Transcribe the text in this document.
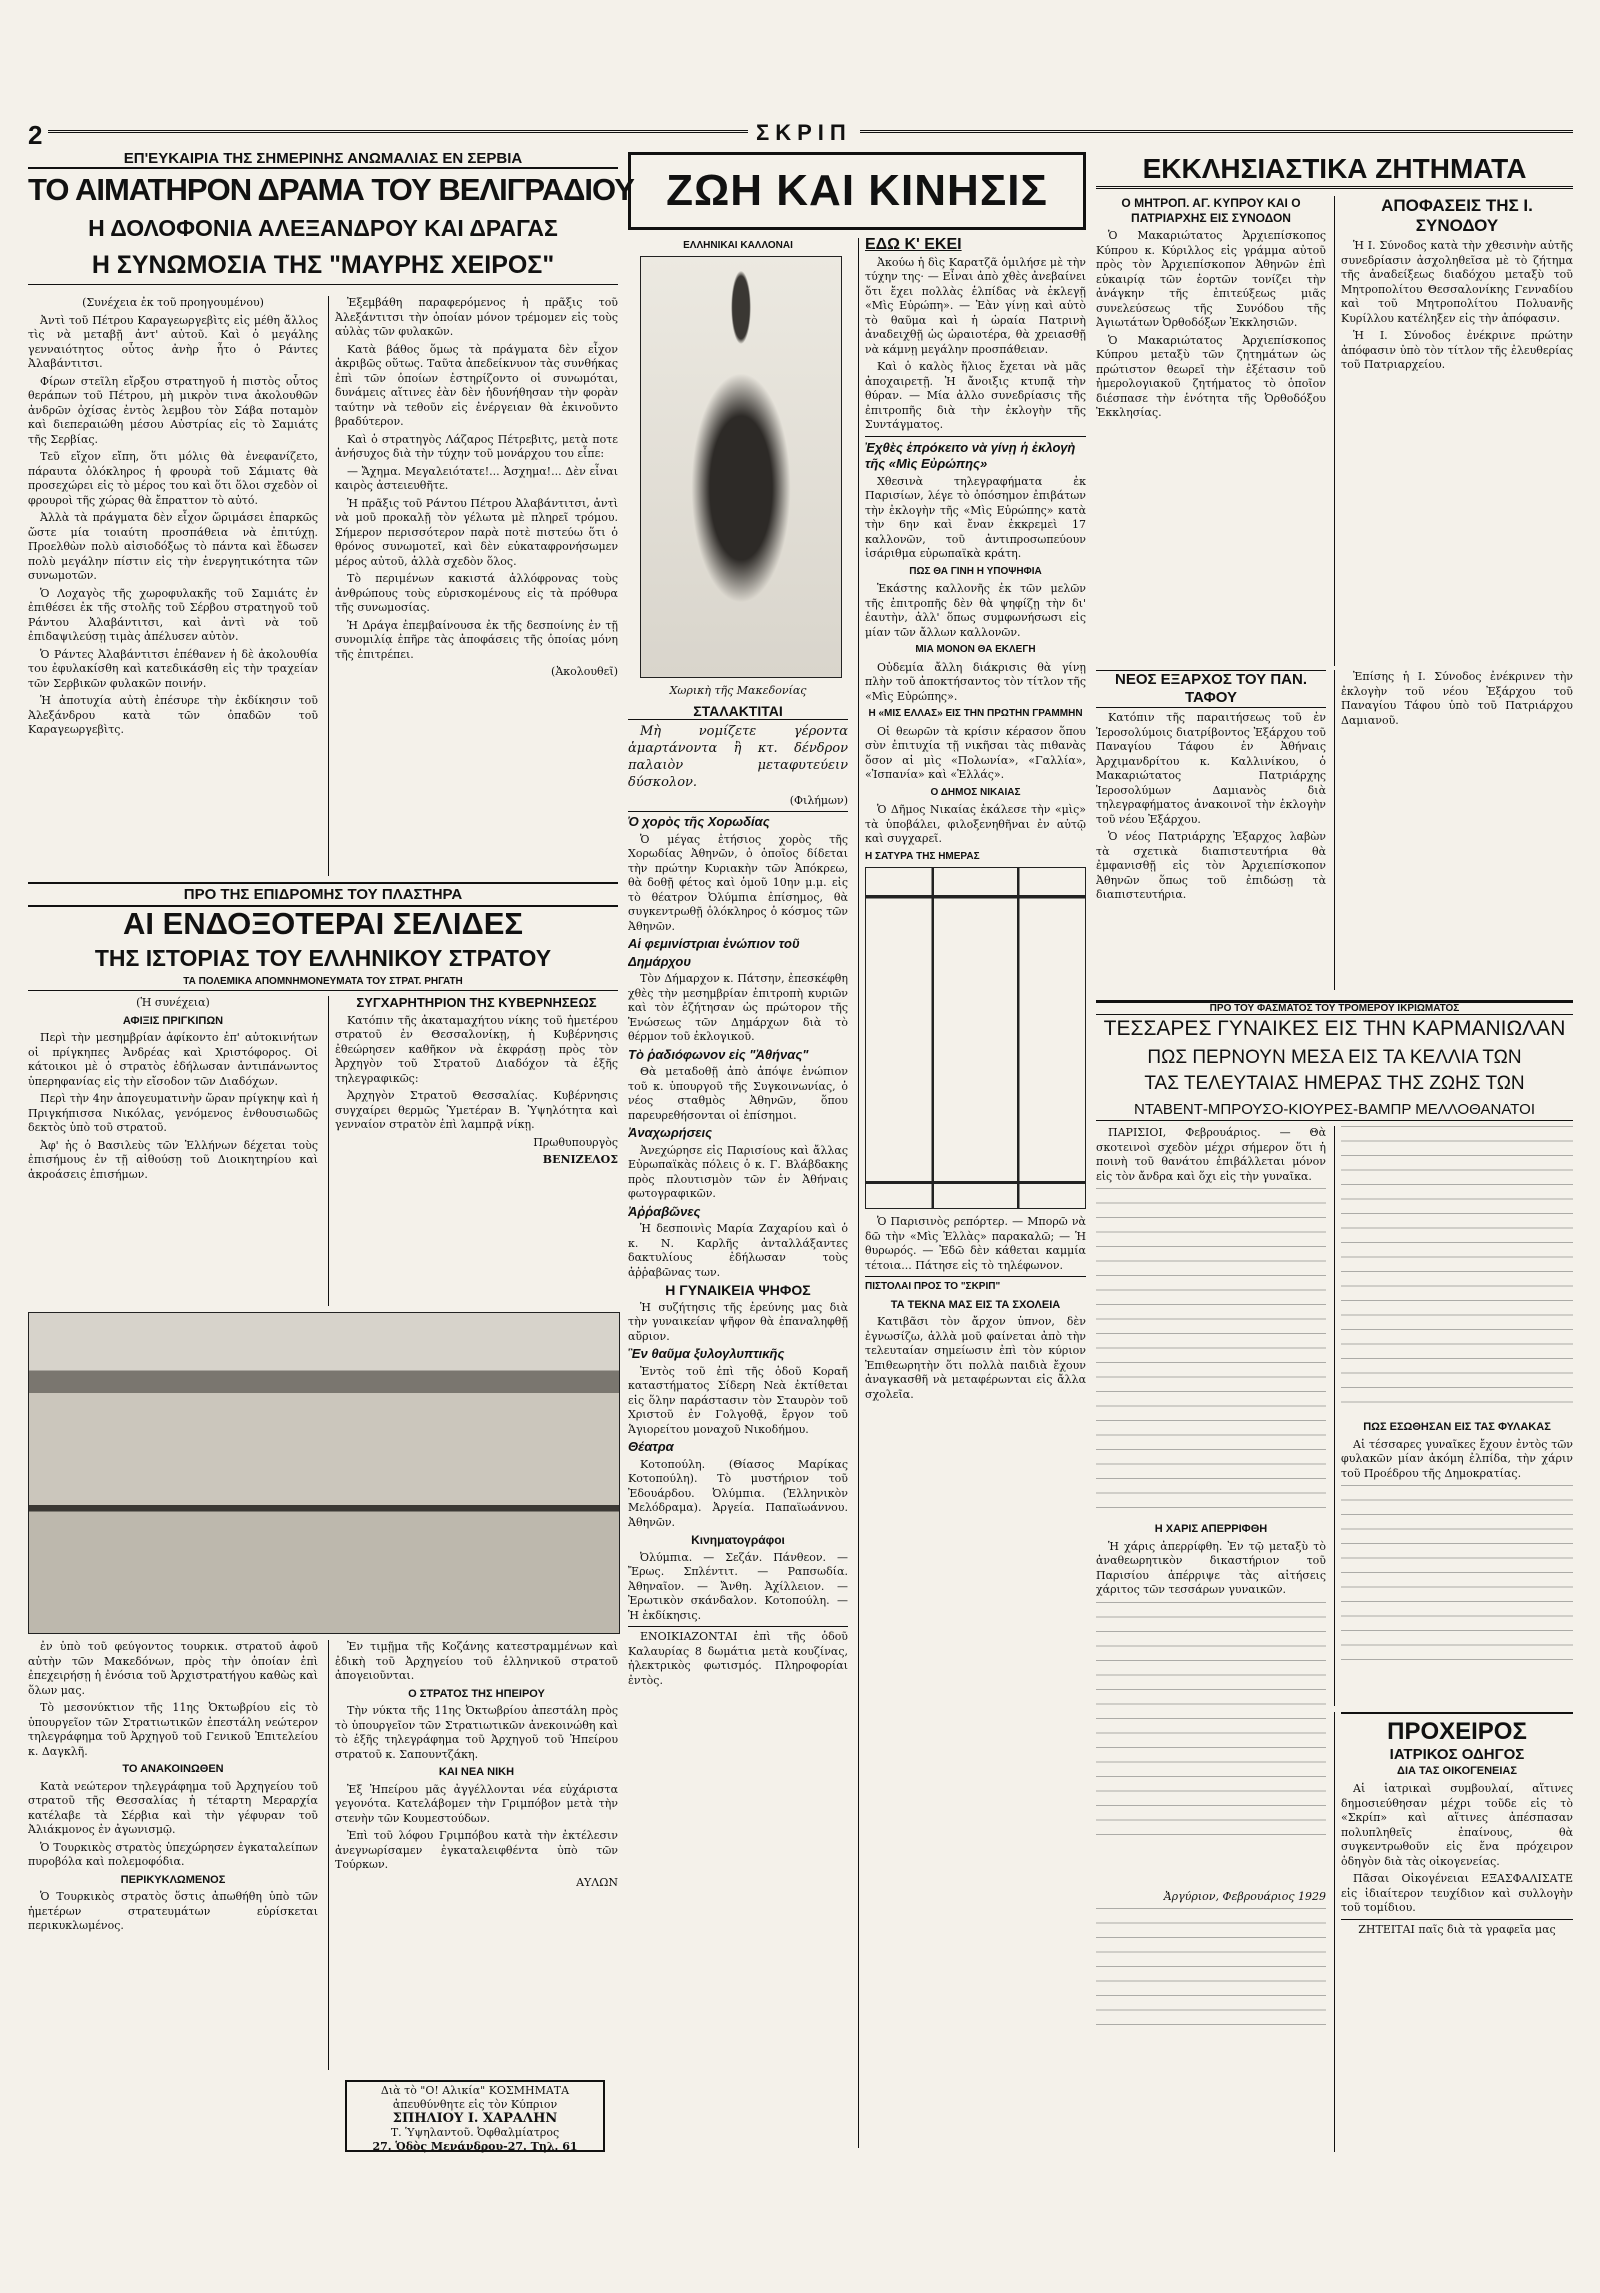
2	ΣΚΡΙΠ
ΕΠ'ΕΥΚΑΙΡΙΑ ΤΗΣ ΣΗΜΕΡΙΝΗΣ ΑΝΩΜΑΛΙΑΣ ΕΝ ΣΕΡΒΙΑ
ΤΟ ΑΙΜΑΤΗΡΟΝ ΔΡΑΜΑ ΤΟΥ ΒΕΛΙΓΡΑΔΙΟΥ
Η ΔΟΛΟΦΟΝΙΑ ΑΛΕΞΑΝΔΡΟΥ ΚΑΙ ΔΡΑΓΑΣ
Η ΣΥΝΩΜΟΣΙΑ ΤΗΣ "ΜΑΥΡΗΣ ΧΕΙΡΟΣ"

(Συνέχεια ἐκ τοῦ προηγουμένου)

Ἀντὶ τοῦ Πέτρου Καραγεωργεβὶτς εἰς μέθη ἄλλος τὶς νὰ μεταβῇ ἀντ' αὐτοῦ. Καὶ ὁ μεγάλης γενναιότητος οὗτος ἀνὴρ ἦτο ὁ Ράντες Ἀλαβάντιτσι.

Φίρων στεῖλη εἴρξου στρατηγοῦ ἡ πιστὸς οὗτος θεράπων τοῦ Πέτρου, μὴ μικρὸν τινα ἀκολουθῶν ἀνδρῶν ὀχίσας ἐντὸς λεμβου τὸν Σάβα ποταμὸν καὶ διεπεραιώθη μέσου Αὐστρίας εἰς τὸ Σαμιάτς τῆς Σερβίας.

Τεῦ εἴχον εἴπη, ὅτι μόλις θὰ ἐνεφανίζετο, πάραυτα ὁλόκληρος ἡ φρουρὰ τοῦ Σάμιατς θὰ προσεχώρει εἰς τὸ μέρος του καὶ ὅτι ὅλοι σχεδὸν οἱ φρουροὶ τῆς χώρας θὰ ἔπραττον τὸ αὐτό.

Ἀλλὰ τὰ πράγματα δὲν εἶχον ὥριμάσει ἐπαρκῶς ὥστε μία τοιαύτη προσπάθεια νὰ ἐπιτύχῃ. Προελθὼν πολὺ αἰσιοδόξως τὸ πάντα καὶ ἔδωσεν πολὺ μεγάλην πίστιν εἰς τὴν ἐνεργητικότητα τῶν συνωμοτῶν.

Ὁ Λοχαγὸς τῆς χωροφυλακῆς τοῦ Σαμιάτς ἐν ἐπιθέσει ἐκ τῆς στολῆς τοῦ Σέρβου στρατηγοῦ τοῦ Ράντου Ἀλαβάντιτσι, καὶ ἀντὶ νὰ τοῦ ἐπιδαψιλεύσῃ τιμὰς ἀπέλυσεν αὐτὸν.

Ὁ Ράντες Ἀλαβάντιτσι ἐπέθανεν ἡ δὲ ἀκολουθία του ἐφυλακίσθη καὶ κατεδικάσθη εἰς τὴν τραχείαν τῶν Σερβικῶν φυλακῶν ποινήν.

Ἡ ἀποτυχία αὐτὴ ἐπέσυρε τὴν ἐκδίκησιν τοῦ Ἀλεξάνδρου κατὰ τῶν ὀπαδῶν τοῦ Καραγεωργεβὶτς.

Ἐξεμβάθη παραφερόμενος ἡ πρᾶξις τοῦ Ἀλεξάντιτσι τὴν ὁποίαν μόνον τρέμομεν εἰς τοὺς αὐλὰς τῶν φυλακῶν.

Κατὰ βάθος ὅμως τὰ πράγματα δὲν εἶχον ἀκριβῶς οὕτως. Ταῦτα ἀπεδείκνυον τὰς συνθήκας ἐπὶ τῶν ὁποίων ἐστηρίζοντο οἱ συνωμόται, δυνάμεις αἵτινες ἐὰν δὲν ἠδυνήθησαν τὴν φορὰν ταύτην νὰ τεθοῦν εἰς ἐνέργειαν θὰ ἐκινοῦντο βραδύτερον.

Καὶ ὁ στρατηγὸς Λάζαρος Πέτρεβιτς, μετὰ ποτε ἀνήσυχος διὰ τὴν τύχην τοῦ μονάρχου του εἶπε:

— Ἄχημα. Μεγαλειότατε!... Ἀσχημα!... Δὲν εἶναι καιρὸς ἀστειευθῆτε.

Ἡ πρᾶξις τοῦ Ράντου Πέτρου Ἀλαβάντιτσι, ἀντὶ νὰ μοῦ προκαλῇ τὸν γέλωτα μὲ πληρεῖ τρόμου. Σήμερον περισσότερον παρὰ ποτὲ πιστεύω ὅτι ὁ θρόνος συνωμοτεῖ, καὶ δὲν εὐκαταφρονήσωμεν μέρος αὐτοῦ, ἀλλὰ σχεδὸν ὅλος.

Τὸ περιμένων κακιστά ἀλλόφρονας τοὺς ἀνθρώπους τοὺς εὑρισκομένους εἰς τὰ πρόθυρα τῆς συνωμοσίας.

Ἡ Δράγα ἐπεμβαίνουσα ἐκ τῆς δεσποίνης ἐν τῇ συνομιλίᾳ ἐπῆρε τὰς ἀποφάσεις τῆς ὁποίας μόνη τῆς ἐπιτρέπει.

(Ἀκολουθεῖ)

ΠΡΟ ΤΗΣ ΕΠΙΔΡΟΜΗΣ ΤΟΥ ΠΛΑΣΤΗΡΑ
ΑΙ ΕΝΔΟΞΟΤΕΡΑΙ ΣΕΛΙΔΕΣ
ΤΗΣ ΙΣΤΟΡΙΑΣ ΤΟΥ ΕΛΛΗΝΙΚΟΥ ΣΤΡΑΤΟΥ
ΤΑ ΠΟΛΕΜΙΚΑ ΑΠΟΜΝΗΜΟΝΕΥΜΑΤΑ ΤΟΥ ΣΤΡΑΤ. ΡΗΓΑΤΗ

(Ἡ συνέχεια)

ΑΦΙΞΙΣ ΠΡΙΓΚΙΠΩΝ

Περὶ τὴν μεσημβρίαν ἀφίκοντο ἐπ' αὐτοκινήτων οἱ πρίγκηπες Ἀνδρέας καὶ Χριστόφορος. Οἱ κάτοικοι μὲ ὁ στρατὸς ἐδήλωσαν ἀντιπάνωντος ὑπερηφανίας εἰς τὴν εἴσοδον τῶν Διαδόχων.

Περὶ τὴν 4ην ἀπογευματινὴν ὥραν πρίγκηψ καὶ ἡ Πριγκήπισσα Νικόλας, γενόμενος ἐνθουσιωδῶς δεκτὸς ὑπὸ τοῦ στρατοῦ.

Ἀφ' ἡς ὁ Βασιλεὺς τῶν Ἑλλήνων δέχεται τοὺς ἐπισήμους ἐν τῇ αἰθούσῃ τοῦ Διοικητηρίου καὶ ἀκροάσεις ἐπισήμων.

ΣΥΓΧΑΡΗΤΗΡΙΟΝ ΤΗΣ ΚΥΒΕΡΝΗΣΕΩΣ

Κατόπιν τῆς ἀκαταμαχήτου νίκης τοῦ ἡμετέρου στρατοῦ ἐν Θεσσαλονίκῃ, ἡ Κυβέρνησις ἐθεώρησεν καθῆκον νὰ ἐκφράσῃ πρὸς τὸν Ἀρχηγὸν τοῦ Στρατοῦ Διαδόχον τὰ ἑξῆς τηλεγραφικῶς:

Ἀρχηγὸν Στρατοῦ Θεσσαλίας. Κυβέρνησις συγχαίρει θερμῶς Ὑμετέραν Β. Ὑψηλότητα καὶ γενναίον στρατὸν ἐπὶ λαμπρᾷ νίκῃ.

Πρωθυπουργὸς

ΒΕΝΙΖΕΛΟΣ

ἐν ὑπὸ τοῦ φεύγοντος τουρκικ. στρατοῦ ἀφοῦ αὐτὴν τῶν Μακεδόνων, πρὸς τὴν ὁποίαν ἐπὶ ἐπεχειρήσῃ ἡ ἐνόσια τοῦ Ἀρχιστρατήγου καθὼς καὶ ὅλων μας.

Τὸ μεσονύκτιον τῆς 11ης Ὀκτωβρίου εἰς τὸ ὑπουργεῖον τῶν Στρατιωτικῶν ἐπεστάλη νεώτερον τηλεγράφημα τοῦ Ἀρχηγοῦ τοῦ Γενικοῦ Ἐπιτελείου κ. Δαγκλῆ.

ΤΟ ΑΝΑΚΟΙΝΩΘΕΝ

Κατὰ νεώτερον τηλεγράφημα τοῦ Ἀρχηγείου τοῦ στρατοῦ τῆς Θεσσαλίας ἡ τέταρτη Μεραρχία κατέλαβε τὰ Σέρβια καὶ τὴν γέφυραν τοῦ Ἀλιάκμονος ἐν ἀγωνισμῷ.

Ὁ Τουρκικὸς στρατὸς ὑπεχώρησεν ἐγκαταλείπων πυροβόλα καὶ πολεμοφόδια.

ΠΕΡΙΚΥΚΛΩΜΕΝΟΣ

Ὁ Τουρκικὸς στρατὸς ὅστις ἀπωθήθη ὑπὸ τῶν ἡμετέρων στρατευμάτων εὑρίσκεται περικυκλωμένος.

Ἐν τιμῇμα τῆς Κοζάνης κατεστραμμένων καὶ ἐδικὴ τοῦ Ἀρχηγείου τοῦ ἑλληνικοῦ στρατοῦ ἀπογειοῦνται.

Ο ΣΤΡΑΤΟΣ ΤΗΣ ΗΠΕΙΡΟΥ

Τὴν νύκτα τῆς 11ης Ὀκτωβρίου ἀπεστάλη πρὸς τὸ ὑπουργεῖον τῶν Στρατιωτικῶν ἀνεκοινώθη καὶ τὸ ἑξῆς τηλεγράφημα τοῦ Ἀρχηγοῦ τοῦ Ἠπείρου στρατοῦ κ. Σαπουντζάκη.

ΚΑΙ ΝΕΑ ΝΙΚΗ

Ἐξ Ἠπείρου μᾶς ἀγγέλλονται νέα εὐχάριστα γεγονότα. Κατελάβομεν τὴν Γριμπόβον μετὰ τὴν στενὴν τῶν Κουμεστούδων.

Ἐπὶ τοῦ λόφου Γριμπόβου κατὰ τὴν ἐκτέλεσιν ἀνεγνωρίσαμεν ἐγκαταλειφθέντα ὑπὸ τῶν Τούρκων.

ΑΥΛΩΝ

Διὰ τὸ "Ο! Αλικία" ΚΟΣΜΗΜΑΤΑ
ἀπευθύνθητε εἰς τὸν Κύπριον
ΣΠΗΛΙΟΥ Ι. ΧΑΡΑΛΗΝ
Τ. Ὑψηλαντοῦ. Ὀφθαλμίατρος
27. Ὁδὸς Μενάνδρου-27. Τηλ. 61
ΖΩΗ ΚΑΙ ΚΙΝΗΣΙΣ
ΕΛΛΗΝΙΚΑΙ ΚΑΛΛΟΝΑΙ
Χωρικὴ τῆς Μακεδονίας

ΣΤΑΛΑΚΤΙΤΑΙ

Μὴ νομίζετε γέροντα ἁμαρτάνοντα ἢ κτ. δένδρον παλαιὸν μεταφυτεύειν δύσκολον.

(Φιλήμων)

Ὁ χορὸς τῆς Χορωδίας

Ὁ μέγας ἐτήσιος χορὸς τῆς Χορωδίας Ἀθηνῶν, ὁ ὁποῖος δίδεται τὴν πρώτην Κυριακὴν τῶν Ἀπόκρεω, θὰ δοθῇ φέτος καὶ ὁμοῦ 10ην μ.μ. εἰς τὸ θέατρον Ὀλύμπια ἐπίσημος, θὰ συγκεντρωθῇ ὁλόκληρος ὁ κόσμος τῶν Ἀθηνῶν.

Αἱ φεμινίστριαι ἐνώπιον τοῦ

Δημάρχου

Τὸν Δήμαρχον κ. Πάτσην, ἐπεσκέφθη χθὲς τὴν μεσημβρίαν ἐπιτροπὴ κυριῶν καὶ τὸν ἐζήτησαν ὡς πρώτορον τῆς Ἑνώσεως τῶν Δημάρχων διὰ τὸ θέρμον τοῦ ἐκλογικοῦ.

Τὸ ῥαδιόφωνον εἰς "Ἀθήνας"

Θὰ μεταδοθῇ ἀπὸ ἀπόψε ἐνώπιον τοῦ κ. ὑπουργοῦ τῆς Συγκοινωνίας, ὁ νέος σταθμὸς Ἀθηνῶν, ὅπου παρευρεθήσονται οἱ ἐπίσημοι.

Ἀναχωρήσεις

Ἀνεχώρησε εἰς Παρισίους καὶ ἄλλας Εὐρωπαϊκὰς πόλεις ὁ κ. Γ. Βλάβδακης πρὸς πλουτισμὸν τῶν ἐν Ἀθήναις φωτογραφικῶν.

Ἀῤῥαβῶνες

Ἡ δεσποινὶς Μαρία Ζαχαρίου καὶ ὁ κ. Ν. Καρλῆς ἀνταλλάξαντες δακτυλίους ἐδήλωσαν τοὺς ἀῤῥαβῶνας των.

Η ΓΥΝΑΙΚΕΙΑ ΨΗΦΟΣ

Ἡ συζήτησις τῆς ἐρεύνης μας διὰ τὴν γυναικείαν ψῆφον θὰ ἐπαναληφθῇ αὔριον.

Ἓν θαῦμα ξυλογλυπτικῆς

Ἐντὸς τοῦ ἐπὶ τῆς ὁδοῦ Κοραῆ καταστήματος Σίδερη Νεὰ ἐκτίθεται εἰς ὅλην παράστασιν τὸν Σταυρὸν τοῦ Χριστοῦ ἐν Γολγοθᾷ, ἔργον τοῦ Ἁγιορείτου μοναχοῦ Νικοδήμου.

Θέατρα

Κοτοπούλη. (Θίασος Μαρίκας Κοτοπούλη). Τὸ μυστήριον τοῦ Ἐδουάρδου. Ὀλύμπια. (Ἑλληνικὸν Μελόδραμα). Ἀργεία. Παπαϊωάννου. Ἀθηνῶν.

Κινηματογράφοι

Ὀλύμπια. — Σεζάν. Πάνθεον. — Ἔρως. Σπλέντιτ. — Ραπσωδία. Ἀθηναῖον. — Ἄνθη. Ἀχίλλειον. — Ἐρωτικὸν σκάνδαλον. Κοτοπούλη. — Ἡ ἐκδίκησις.

ΕΝΟΙΚΙΑΖΟΝΤΑΙ ἐπὶ τῆς ὁδοῦ Καλαυρίας 8 δωμάτια μετὰ κουζίνας, ἠλεκτρικὸς φωτισμός. Πληροφορίαι ἐντὸς.

ΕΔΩ Κ' ΕΚΕΙ

Ἀκούω ἡ δὶς Καρατζᾶ ὁμιλήσε μὲ τὴν τύχην της· — Εἶναι ἀπὸ χθὲς ἀνεβαίνει ὅτι ἔχει πολλὰς ἑλπίδας νὰ ἐκλεγῇ «Μὶς Εὐρώπη». — Ἐὰν γίνῃ καὶ αὐτὸ τὸ θαῦμα καὶ ἡ ὡραία Πατρινὴ ἀναδειχθῇ ὡς ὡραιοτέρα, θὰ χρειασθῇ νὰ κάμνῃ μεγάλην προσπάθειαν.

Καὶ ὁ καλὸς ἥλιος ἔχεται νὰ μᾶς ἀποχαιρετῇ. Ἡ ἄνοιξις κτυπᾷ τὴν θύραν. — Μία ἀλλο συνεδρίασις τῆς ἐπιτροπῆς διὰ τὴν ἐκλογὴν τῆς Συντάγματος.

Ἐχθὲς ἐπρόκειτο νὰ γίνῃ ἡ ἐκλογὴ τῆς «Μὶς Εὐρώπης»

Χθεσινὰ τηλεγραφήματα ἐκ Παρισίων, λέγε τὸ ὁπόσημον ἐπιβάτων τὴν ἐκλογὴν τῆς «Μὶς Εὐρώπης» κατὰ τὴν 6ην καὶ ἔναν ἐκκρεμεὶ 17 καλλονῶν, τοῦ ἀντιπροσωπεύουν ἰσάριθμα εὐρωπαϊκὰ κράτη.

ΠΩΣ ΘΑ ΓΙΝΗ Η ΥΠΟΨΗΦΙΑ

Ἑκάστης καλλονῆς ἐκ τῶν μελῶν τῆς ἐπιτροπῆς δὲν θὰ ψηφίζῃ τὴν δι' ἑαυτὴν, ἀλλ' ὅπως συμφωνήσωσι εἰς μίαν τῶν ἄλλων καλλονῶν.

ΜΙΑ ΜΟΝΟΝ ΘΑ ΕΚΛΕΓΗ

Οὐδεμία ἄλλη διάκρισις θὰ γίνῃ πλὴν τοῦ ἀποκτήσαντος τὸν τίτλον τῆς «Μὶς Εὐρώπης».

Η «ΜΙΣ ΕΛΛΑΣ» ΕΙΣ ΤΗΝ ΠΡΩΤΗΝ ΓΡΑΜΜΗΝ

Οἱ θεωρῶν τὰ κρίσιν κέρασον ὅπου σὺν ἐπιτυχία τῇ νικῆσαι τὰς πιθανὰς ὅσον αἱ μὶς «Πολωνία», «Γαλλία», «Ἰσπανία» καὶ «Ἑλλάς».

Ο ΔΗΜΟΣ ΝΙΚΑΙΑΣ

Ὁ Δῆμος Νικαίας ἐκάλεσε τὴν «μὶς» τὰ ὑποβάλει, φιλοξενηθῆναι ἐν αὐτῷ καὶ συγχαρεῖ.

Η ΣΑΤΥΡΑ ΤΗΣ ΗΜΕΡΑΣ

Ὁ Παρισινὸς ρεπόρτερ. — Μπορῶ νὰ δῶ τὴν «Μὶς Ἑλλὰς» παρακαλῶ; — Ἡ θυρωρός. — Ἐδῶ δὲν κάθεται καμμία τέτοια... Πάτησε εἰς τὸ τηλέφωνον.

ΠΙΣΤΟΛΑΙ ΠΡΟΣ ΤΟ "ΣΚΡΙΠ"

ΤΑ ΤΕΚΝΑ ΜΑΣ ΕΙΣ ΤΑ ΣΧΟΛΕΙΑ

Κατιβᾶσι τὸν ἄρχον ὑπνον, δὲν ἐγνωσίζω, ἀλλὰ μοῦ φαίνεται ἀπὸ τὴν τελευταίαν σημείωσιν ἐπὶ τὸν κύριον Ἐπιθεωρητὴν ὅτι πολλὰ παιδιὰ ἔχουν ἀναγκασθῆ νὰ μεταφέρωνται εἰς ἄλλα σχολεῖα.

ΕΚΚΛΗΣΙΑΣΤΙΚΑ ΖΗΤΗΜΑΤΑ

Ο ΜΗΤΡΟΠ. ΑΓ. ΚΥΠΡΟΥ ΚΑΙ Ο ΠΑΤΡΙΑΡΧΗΣ ΕΙΣ ΣΥΝΟΔΟΝ

Ὁ Μακαριώτατος Ἀρχιεπίσκοπος Κύπρου κ. Κύριλλος εἰς γράμμα αὐτοῦ πρὸς τὸν Ἀρχιεπίσκοπον Ἀθηνῶν ἐπὶ εὐκαιρίᾳ τῶν ἑορτῶν τονίζει τὴν ἀνάγκην τῆς ἐπιτεύξεως μιᾶς συνελεύσεως τῆς Συνόδου τῆς Ἀγιωτάτων Ὀρθοδόξων Ἐκκλησιῶν.

Ὁ Μακαριώτατος Ἀρχιεπίσκοπος Κύπρου μεταξὺ τῶν ζητημάτων ὡς πρώτιστον θεωρεῖ τὴν ἐξέτασιν τοῦ ἡμερολογιακοῦ ζητήματος τὸ ὁποῖον διέσπασε τὴν ἑνότητα τῆς Ὀρθοδόξου Ἐκκλησίας.

ΑΠΟΦΑΣΕΙΣ ΤΗΣ Ι. ΣΥΝΟΔΟΥ

Ἡ Ι. Σύνοδος κατὰ τὴν χθεσινὴν αὐτῆς συνεδρίασιν ἀσχοληθεῖσα μὲ τὸ ζήτημα τῆς ἀναδείξεως διαδόχου μεταξὺ τοῦ Μητροπολίτου Θεσσαλονίκης Γενναδίου καὶ τοῦ Μητροπολίτου Πολυανῆς Κυρίλλου κατέληξεν εἰς τὴν ἀπόφασιν.

Ἡ Ι. Σύνοδος ἐνέκρινε πρώτην ἀπόφασιν ὑπὸ τὸν τίτλον τῆς ἐλευθερίας τοῦ Πατριαρχείου.

ΝΕΟΣ ΕΞΑΡΧΟΣ ΤΟΥ ΠΑΝ. ΤΑΦΟΥ

Κατόπιν τῆς παραιτήσεως τοῦ ἐν Ἱεροσολύμοις διατρίβοντος Ἐξάρχου τοῦ Παναγίου Τάφου ἐν Ἀθήναις Ἀρχιμανδρίτου κ. Καλλινίκου, ὁ Μακαριώτατος Πατριάρχης Ἱεροσολύμων Δαμιανὸς διὰ τηλεγραφήματος ἀνακοινοῖ τὴν ἐκλογὴν τοῦ νέου Ἐξάρχου.

Ὁ νέος Πατριάρχης Ἐξαρχος λαβὼν τὰ σχετικὰ διαπιστευτήρια θὰ ἐμφανισθῇ εἰς τὸν Ἀρχιεπίσκοπον Ἀθηνῶν ὅπως τοῦ ἐπιδώσῃ τὰ διαπιστευτήρια.

Ἐπίσης ἡ Ι. Σύνοδος ἐνέκρινεν τὴν ἐκλογὴν τοῦ νέου Ἐξάρχου τοῦ Παναγίου Τάφου ὑπὸ τοῦ Πατριάρχου Δαμιανοῦ.

ΠΡΟ ΤΟΥ ΦΑΣΜΑΤΟΣ ΤΟΥ ΤΡΟΜΕΡΟΥ ΙΚΡΙΩΜΑΤΟΣ
ΤΕΣΣΑΡΕΣ ΓΥΝΑΙΚΕΣ ΕΙΣ ΤΗΝ ΚΑΡΜΑΝΙΩΛΑΝ
ΠΩΣ ΠΕΡΝΟΥΝ ΜΕΣΑ ΕΙΣ ΤΑ ΚΕΛΛΙΑ ΤΩΝ
ΤΑΣ ΤΕΛΕΥΤΑΙΑΣ ΗΜΕΡΑΣ ΤΗΣ ΖΩΗΣ ΤΩΝ
ΝΤΑΒΕΝΤ-ΜΠΡΟΥΣΟ-ΚΙΟΥΡΕΣ-ΒΑΜΠΡ ΜΕΛΛΟΘΑΝΑΤΟΙ

ΠΑΡΙΣΙΟΙ, Φεβρουάριος. — Θὰ σκοτεινοὶ σχεδὸν μέχρι σήμερον ὅτι ἡ ποινὴ τοῦ θανάτου ἐπιβάλλεται μόνον εἰς τὸν ἄνδρα καὶ ὅχι εἰς τὴν γυναῖκα.

Η ΧΑΡΙΣ ΑΠΕΡΡΙΦΘΗ

Ἡ χάρις ἀπερρίφθη. Ἐν τῷ μεταξὺ τὸ ἀναθεωρητικὸν δικαστήριον τοῦ Παρισίου ἀπέρριψε τὰς αἰτήσεις χάριτος τῶν τεσσάρων γυναικῶν.

ΠΩΣ ΕΣΩΘΗΣΑΝ ΕΙΣ ΤΑΣ ΦΥΛΑΚΑΣ

Αἱ τέσσαρες γυναῖκες ἔχουν ἐντὸς τῶν φυλακῶν μίαν ἀκόμη ἐλπίδα, τὴν χάριν τοῦ Προέδρου τῆς Δημοκρατίας.

Ἀργύριον, Φεβρουάριος 1929

ΠΡΟΧΕΙΡΟΣ
ΙΑΤΡΙΚΟΣ ΟΔΗΓΟΣ
ΔΙΑ ΤΑΣ ΟΙΚΟΓΕΝΕΙΑΣ

Αἱ ἰατρικαὶ συμβουλαί, αἵτινες δημοσιεύθησαν μέχρι τοῦδε εἰς τὸ «Σκρίπ» καὶ αἵτινες ἀπέσπασαν πολυπληθεῖς ἐπαίνους, θὰ συγκεντρωθοῦν εἰς ἕνα πρόχειρον ὁδηγὸν διὰ τὰς οἰκογενείας.

Πᾶσαι Οἰκογένειαι ΕΞΑΣΦΑΛΙΣΑΤΕ εἰς ἰδιαίτερον τευχίδιον καὶ συλλογὴν τοῦ τομίδιου.

ΖΗΤΕΙΤΑΙ παῖς διὰ τὰ γραφεῖα μας
